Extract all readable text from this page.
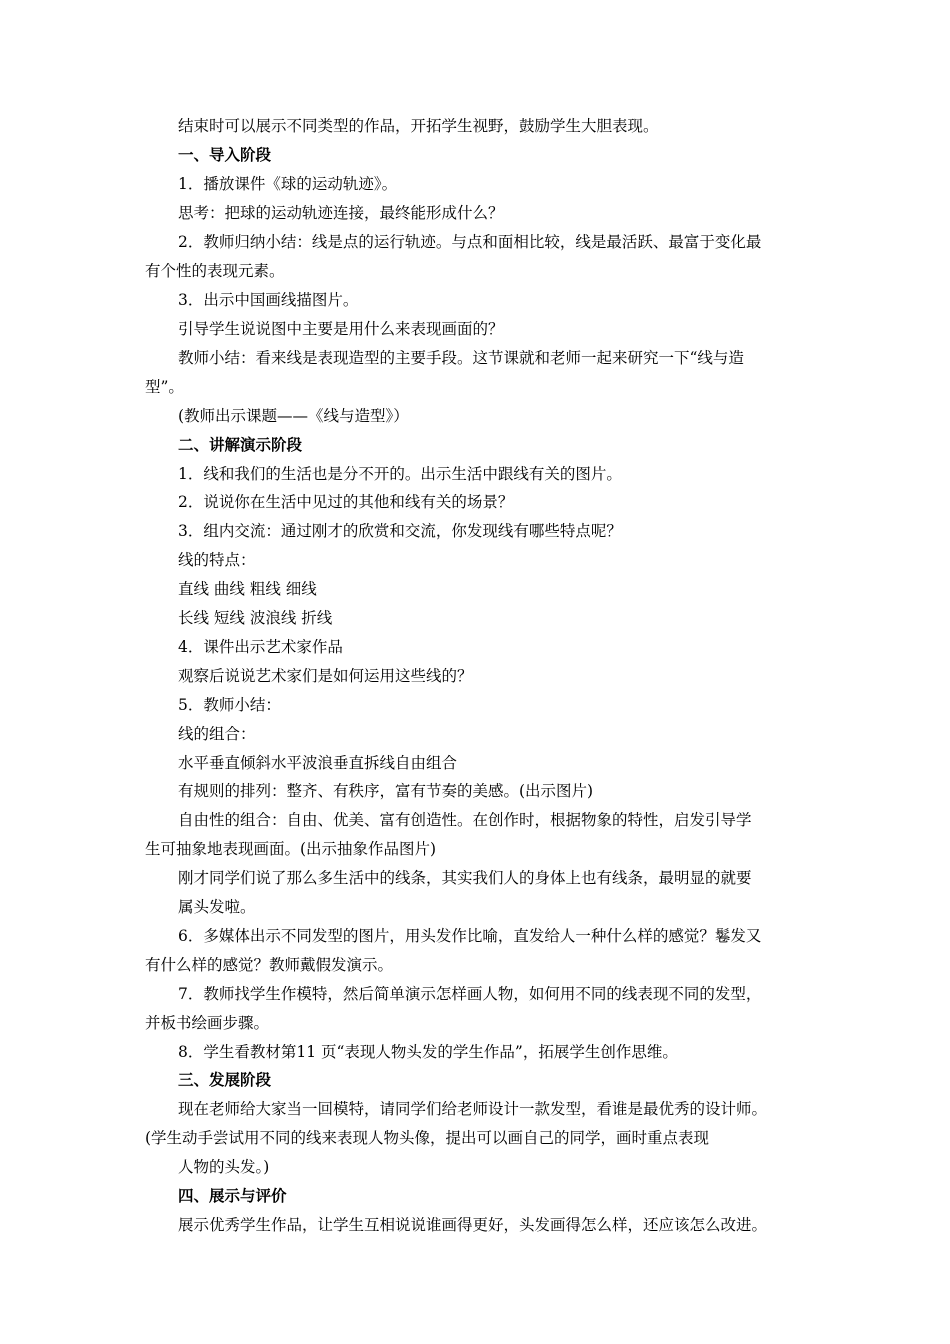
结束时可以展示不同类型的作品，开拓学生视野，鼓励学生大胆表现。
一、导入阶段
1．播放课件《球的运动轨迹》。
思考：把球的运动轨迹连接，最终能形成什么？
2．教师归纳小结：线是点的运行轨迹。与点和面相比较，线是最活跃、最富于变化最
有个性的表现元素。
3．出示中国画线描图片。
引导学生说说图中主要是用什么来表现画面的？
教师小结：看来线是表现造型的主要手段。这节课就和老师一起来研究一下“线与造
型”。
(教师出示课题——《线与造型》）
二、讲解演示阶段
1．线和我们的生活也是分不开的。出示生活中跟线有关的图片。
2．说说你在生活中见过的其他和线有关的场景？
3．组内交流：通过刚才的欣赏和交流，你发现线有哪些特点呢？
线的特点：
直线 曲线 粗线 细线
长线 短线 波浪线 折线
4．课件出示艺术家作品
观察后说说艺术家们是如何运用这些线的？
5．教师小结：
线的组合：
水平垂直倾斜水平波浪垂直拆线自由组合
有规则的排列：整齐、有秩序，富有节奏的美感。(出示图片)
自由性的组合：自由、优美、富有创造性。在创作时，根据物象的特性，启发引导学
生可抽象地表现画面。(出示抽象作品图片)
刚才同学们说了那么多生活中的线条，其实我们人的身体上也有线条，最明显的就要
属头发啦。
6．多媒体出示不同发型的图片，用头发作比喻，直发给人一种什么样的感觉？鬈发又
有什么样的感觉？教师戴假发演示。
7．教师找学生作模特，然后简单演示怎样画人物，如何用不同的线表现不同的发型，
并板书绘画步骤。
8．学生看教材第11 页“表现人物头发的学生作品”，拓展学生创作思维。
三、发展阶段
现在老师给大家当一回模特，请同学们给老师设计一款发型，看谁是最优秀的设计师。
(学生动手尝试用不同的线来表现人物头像，提出可以画自己的同学，画时重点表现
人物的头发。)
四、展示与评价
展示优秀学生作品，让学生互相说说谁画得更好，头发画得怎么样，还应该怎么改进。
